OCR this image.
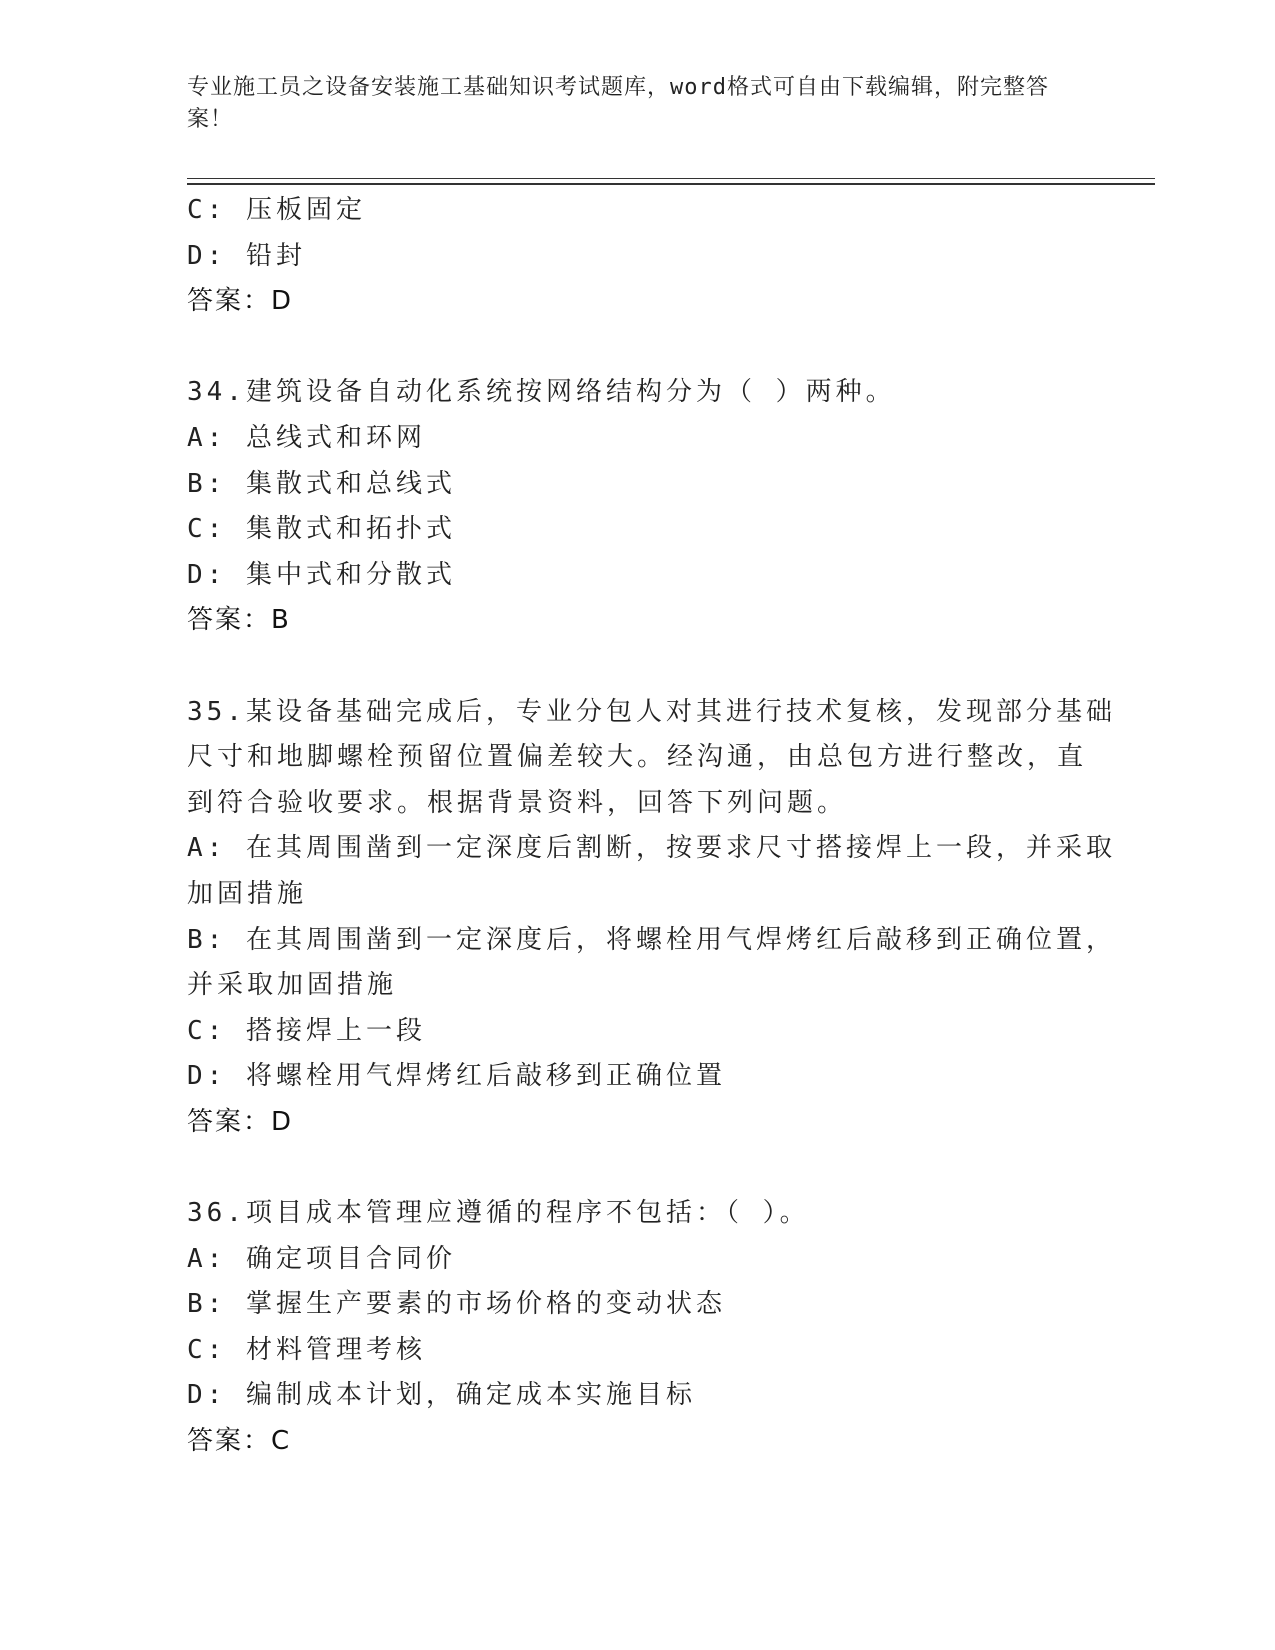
专业施工员之设备安装施工基础知识考试题库，word格式可自由下载编辑，附完整答案！
C: 压板固定
D: 铅封
答案：D
34.建筑设备自动化系统按网络结构分为（ ）两种。
A: 总线式和环网
B: 集散式和总线式
C: 集散式和拓扑式
D: 集中式和分散式
答案：B
35.某设备基础完成后，专业分包人对其进行技术复核，发现部分基础
尺寸和地脚螺栓预留位置偏差较大。经沟通，由总包方进行整改，直
到符合验收要求。根据背景资料，回答下列问题。
A: 在其周围凿到一定深度后割断，按要求尺寸搭接焊上一段，并采取
加固措施
B: 在其周围凿到一定深度后，将螺栓用气焊烤红后敲移到正确位置，
并采取加固措施
C: 搭接焊上一段
D: 将螺栓用气焊烤红后敲移到正确位置
答案：D
36.项目成本管理应遵循的程序不包括：（ ）。
A: 确定项目合同价
B: 掌握生产要素的市场价格的变动状态
C: 材料管理考核
D: 编制成本计划，确定成本实施目标
答案：C
